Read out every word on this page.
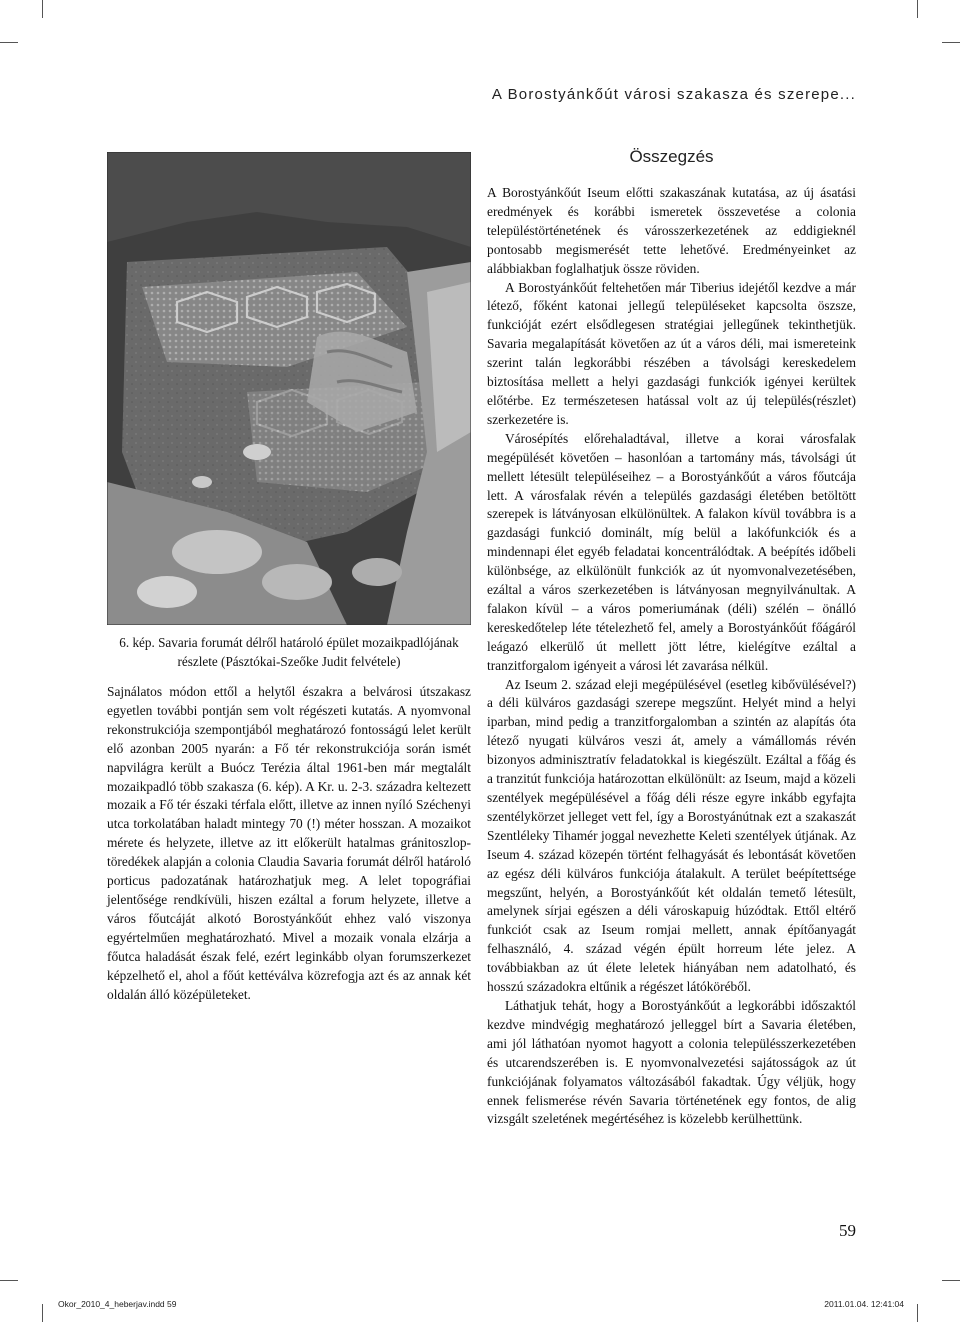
A Borostyánkőút városi szakasza és szerepe...
6. kép. Savaria forumát délről határoló épület mozaikpadlójának
részlete (Pásztókai-Szeőke Judit felvétele)

Sajnálatos módon ettől a helytől északra a belvárosi útszakasz egyetlen további pontján sem volt régészeti kutatás. A nyomvonal rekonstrukciója szempontjából meghatározó fontosságú lelet került elő azonban 2005 nyarán: a Fő tér rekonstrukciója során ismét napvilágra került a Buócz Terézia által 1961-ben már megtalált mozaikpadló több szakasza (6. kép). A Kr. u. 2-3. századra keltezett mozaik a Fő tér északi térfala előtt, illetve az innen nyíló Széchenyi utca torkolatában haladt mintegy 70 (!) méter hosszan. A mozaikot mérete és helyzete, illetve az itt előkerült hatalmas gránitoszlop-töredékek alapján a colonia Claudia Savaria forumát délről határoló porticus padozatának határozhatjuk meg. A lelet topográfiai jelentősége rendkívüli, hiszen ezáltal a forum helyzete, illetve a város főutcáját alkotó Borostyánkőút ehhez való viszonya egyértelműen meghatározható. Mivel a mozaik vonala elzárja a főutca haladását észak felé, ezért leginkább olyan forumszerkezet képzelhető el, ahol a főút kettéválva közrefogja azt és az annak két oldalán álló középületeket.

Összegzés

A Borostyánkőút Iseum előtti szakaszának kutatása, az új ásatási eredmények és korábbi ismeretek összevetése a colonia településtörténetének és városszerkezetének az eddigieknél pontosabb megismerését tette lehetővé. Eredményeinket az alábbiakban foglalhatjuk össze röviden.

A Borostyánkőút feltehetően már Tiberius idejétől kezdve a már létező, főként katonai jellegű településeket kapcsolta öszsze, funkcióját ezért elsődlegesen stratégiai jellegűnek tekinthetjük. Savaria megalapítását követően az út a város déli, mai ismereteink szerint talán legkorábbi részében a távolsági kereskedelem biztosítása mellett a helyi gazdasági funkciók igényei kerültek előtérbe. Ez természetesen hatással volt az új település(részlet) szerkezetére is.

Városépítés előrehaladtával, illetve a korai városfalak megépülését követően – hasonlóan a tartomány más, távolsági út mellett létesült településeihez – a Borostyánkőút a város főutcája lett. A városfalak révén a település gazdasági életében betöltött szerepek is látványosan elkülönültek. A falakon kívül továbbra is a gazdasági funkció dominált, míg belül a lakófunkciók és a mindennapi élet egyéb feladatai koncentrálódtak. A beépítés időbeli különbsége, az elkülönült funkciók az út nyomvonalvezetésében, ezáltal a város szerkezetében is látványosan megnyilvánultak. A falakon kívül – a város pomeriumának (déli) szélén – önálló kereskedőtelep léte tételezhető fel, amely a Borostyánkőút főágáról leágazó elkerülő út mellett jött létre, kielégítve ezáltal a tranzitforgalom igényeit a városi lét zavarása nélkül.

Az Iseum 2. század eleji megépülésével (esetleg kibővülésével?) a déli külváros gazdasági szerepe megszűnt. Helyét mind a helyi iparban, mind pedig a tranzitforgalomban a szintén az alapítás óta létező nyugati külváros veszi át, amely a vámállomás révén bizonyos adminisztratív feladatokkal is kiegészült. Ezáltal a főág és a tranzitút funkciója határozottan elkülönült: az Iseum, majd a közeli szentélyek megépülésével a főág déli része egyre inkább egyfajta szentélykörzet jelleget vett fel, így a Borostyánútnak ezt a szakaszát Szentléleky Tihamér joggal nevezhette Keleti szentélyek útjának. Az Iseum 4. század közepén történt felhagyását és lebontását követően az egész déli külváros funkciója átalakult. A terület beépítettsége megszűnt, helyén, a Borostyánkőút két oldalán temető létesült, amelynek sírjai egészen a déli városkapuig húzódtak. Ettől eltérő funkciót csak az Iseum romjai mellett, annak építőanyagát felhasználó, 4. század végén épült horreum léte jelez. A továbbiakban az út élete leletek hiányában nem adatolható, és hosszú századokra eltűnik a régészet látóköréből.

Láthatjuk tehát, hogy a Borostyánkőút a legkorábbi időszaktól kezdve mindvégig meghatározó jelleggel bírt a Savaria életében, ami jól láthatóan nyomot hagyott a colonia településszerkezetében és utcarendszerében is. E nyomvonalvezetési sajátosságok az út funkciójának folyamatos változásából fakadtak. Úgy véljük, hogy ennek felismerése révén Savaria történetének egy fontos, de alig vizsgált szeletének megértéséhez is közelebb kerülhettünk.

59
Okor_2010_4_heberjav.indd 59	2011.01.04. 12:41:04
